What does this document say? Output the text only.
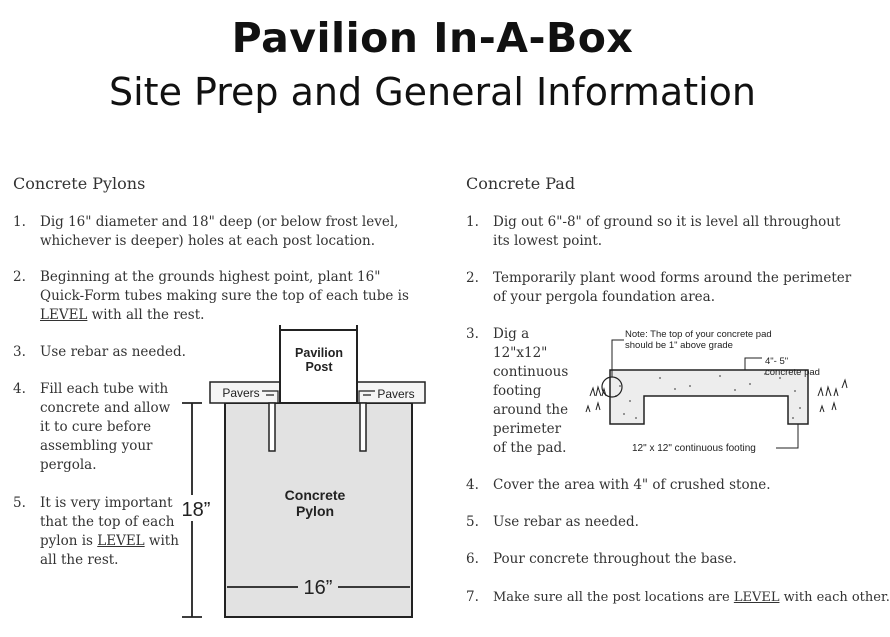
Pavilion In-A-Box
Site Prep and General Information
Concrete Pylons
1. Dig 16" diameter and 18" deep (or below frost level,
whichever is deeper) holes at each post location.
2. Beginning at the grounds highest point, plant 16"
Quick-Form tubes making sure the top of each tube is
LEVEL with all the rest.
3. Use rebar as needed.
4. Fill each tube with
concrete and allow
it to cure before
assembling your
pergola.
5. It is very important
that the top of each
pylon is LEVEL with
all the rest.
Pavilion
Post
Pavers	Pavers
Concrete
Pylon
18”
16”
Concrete Pad
1. Dig out 6"-8" of ground so it is level all throughout
its lowest point.
2. Temporarily plant wood forms around the perimeter
of your pergola foundation area.
3. Dig a
12"x12"
continuous
footing
around the
perimeter
of the pad.
Note: The top of your concrete pad
should be 1" above grade
4"- 5"
concrete pad
12" x 12" continuous footing
4. Cover the area with 4" of crushed stone.
5. Use rebar as needed.
6. Pour concrete throughout the base.
7. Make sure all the post locations are LEVEL with each other.
